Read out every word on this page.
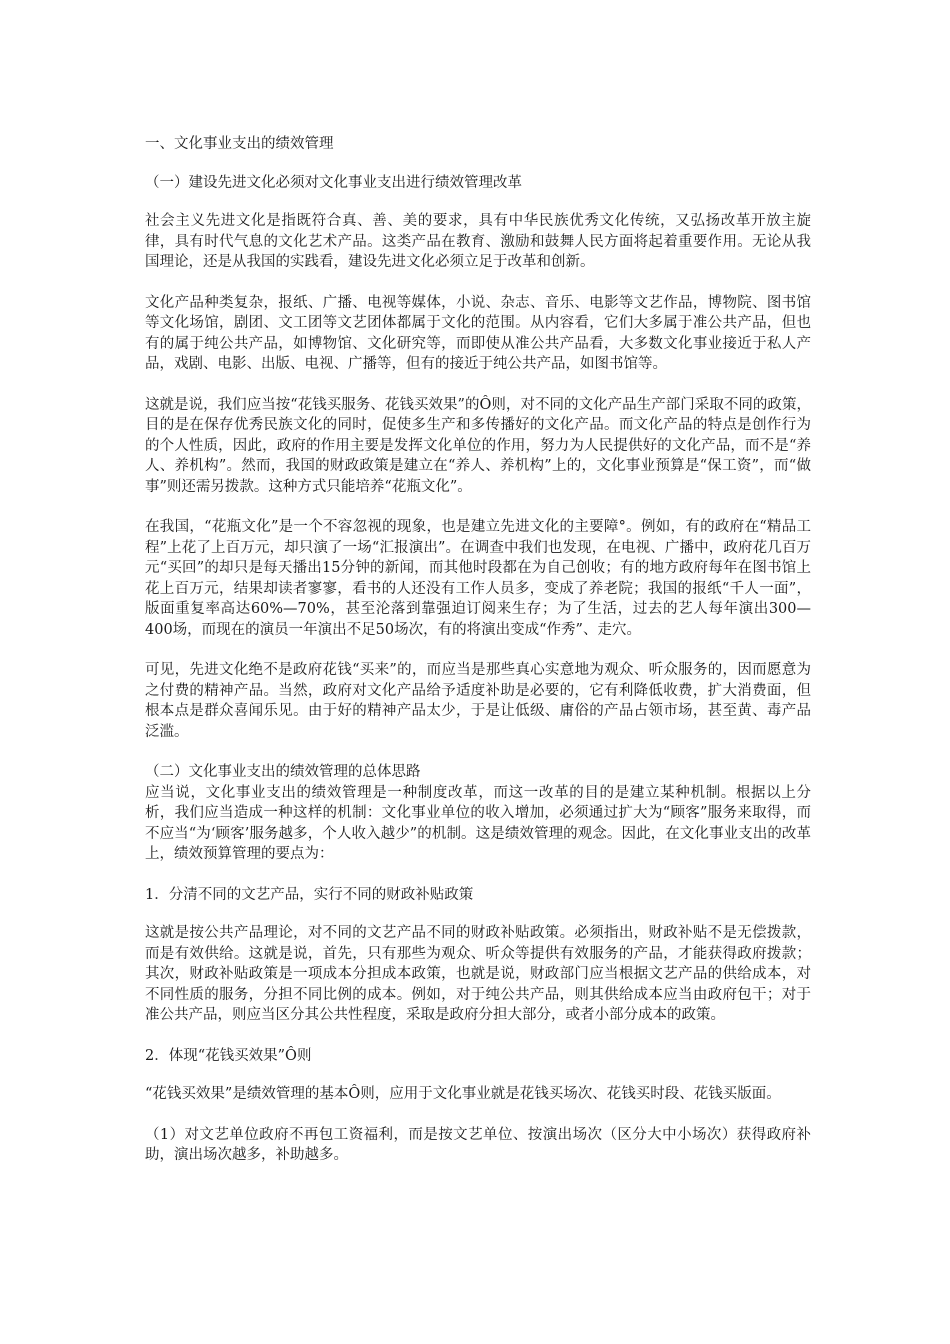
一、文化事业支出的绩效管理

（一）建设先进文化必须对文化事业支出进行绩效管理改革

社会主义先进文化是指既符合真、善、美的要求，具有中华民族优秀文化传统，又弘扬改革开放主旋律，具有时代气息的文化艺术产品。这类产品在教育、激励和鼓舞人民方面将起着重要作用。无论从我国理论，还是从我国的实践看，建设先进文化必须立足于改革和创新。

文化产品种类复杂，报纸、广播、电视等媒体，小说、杂志、音乐、电影等文艺作品，博物院、图书馆等文化场馆，剧团、文工团等文艺团体都属于文化的范围。从内容看，它们大多属于准公共产品，但也有的属于纯公共产品，如博物馆、文化研究等，而即使从准公共产品看，大多数文化事业接近于私人产品，戏剧、电影、出版、电视、广播等，但有的接近于纯公共产品，如图书馆等。

这就是说，我们应当按“花钱买服务、花钱买效果”的Ô则，对不同的文化产品生产部门采取不同的政策，目的是在保存优秀民族文化的同时，促使多生产和多传播好的文化产品。而文化产品的特点是创作行为的个人性质，因此，政府的作用主要是发挥文化单位的作用，努力为人民提供好的文化产品，而不是“养人、养机构”。然而，我国的财政政策是建立在“养人、养机构”上的，文化事业预算是“保工资”，而“做事”则还需另拨款。这种方式只能培养“花瓶文化”。

在我国，“花瓶文化”是一个不容忽视的现象，也是建立先进文化的主要障°。例如，有的政府在“精品工程”上花了上百万元，却只演了一场“汇报演出”。在调查中我们也发现，在电视、广播中，政府花几百万元“买回”的却只是每天播出15分钟的新闻，而其他时段都在为自己创收；有的地方政府每年在图书馆上花上百万元，结果却读者寥寥，看书的人还没有工作人员多，变成了养老院；我国的报纸“千人一面”，版面重复率高达60%—70%，甚至沦落到靠强迫订阅来生存；为了生活，过去的艺人每年演出300—400场，而现在的演员一年演出不足50场次，有的将演出变成“作秀”、走穴。

可见，先进文化绝不是政府花钱“买来”的，而应当是那些真心实意地为观众、听众服务的，因而愿意为之付费的精神产品。当然，政府对文化产品给予适度补助是必要的，它有利降低收费，扩大消费面，但根本点是群众喜闻乐见。由于好的精神产品太少，于是让低级、庸俗的产品占领市场，甚至黄、毒产品泛滥。

（二）文化事业支出的绩效管理的总体思路

应当说，文化事业支出的绩效管理是一种制度改革，而这一改革的目的是建立某种机制。根据以上分析，我们应当造成一种这样的机制：文化事业单位的收入增加，必须通过扩大为“顾客”服务来取得，而不应当“为‘顾客’服务越多，个人收入越少”的机制。这是绩效管理的观念。因此，在文化事业支出的改革上，绩效预算管理的要点为：

1．分清不同的文艺产品，实行不同的财政补贴政策

这就是按公共产品理论，对不同的文艺产品不同的财政补贴政策。必须指出，财政补贴不是无偿拨款，而是有效供给。这就是说，首先，只有那些为观众、听众等提供有效服务的产品，才能获得政府拨款；其次，财政补贴政策是一项成本分担成本政策，也就是说，财政部门应当根据文艺产品的供给成本，对不同性质的服务，分担不同比例的成本。例如，对于纯公共产品，则其供给成本应当由政府包干；对于准公共产品，则应当区分其公共性程度，采取是政府分担大部分，或者小部分成本的政策。

2．体现“花钱买效果”Ô则

“花钱买效果”是绩效管理的基本Ô则，应用于文化事业就是花钱买场次、花钱买时段、花钱买版面。

（1）对文艺单位政府不再包工资福利，而是按文艺单位、按演出场次（区分大中小场次）获得政府补助，演出场次越多，补助越多。
